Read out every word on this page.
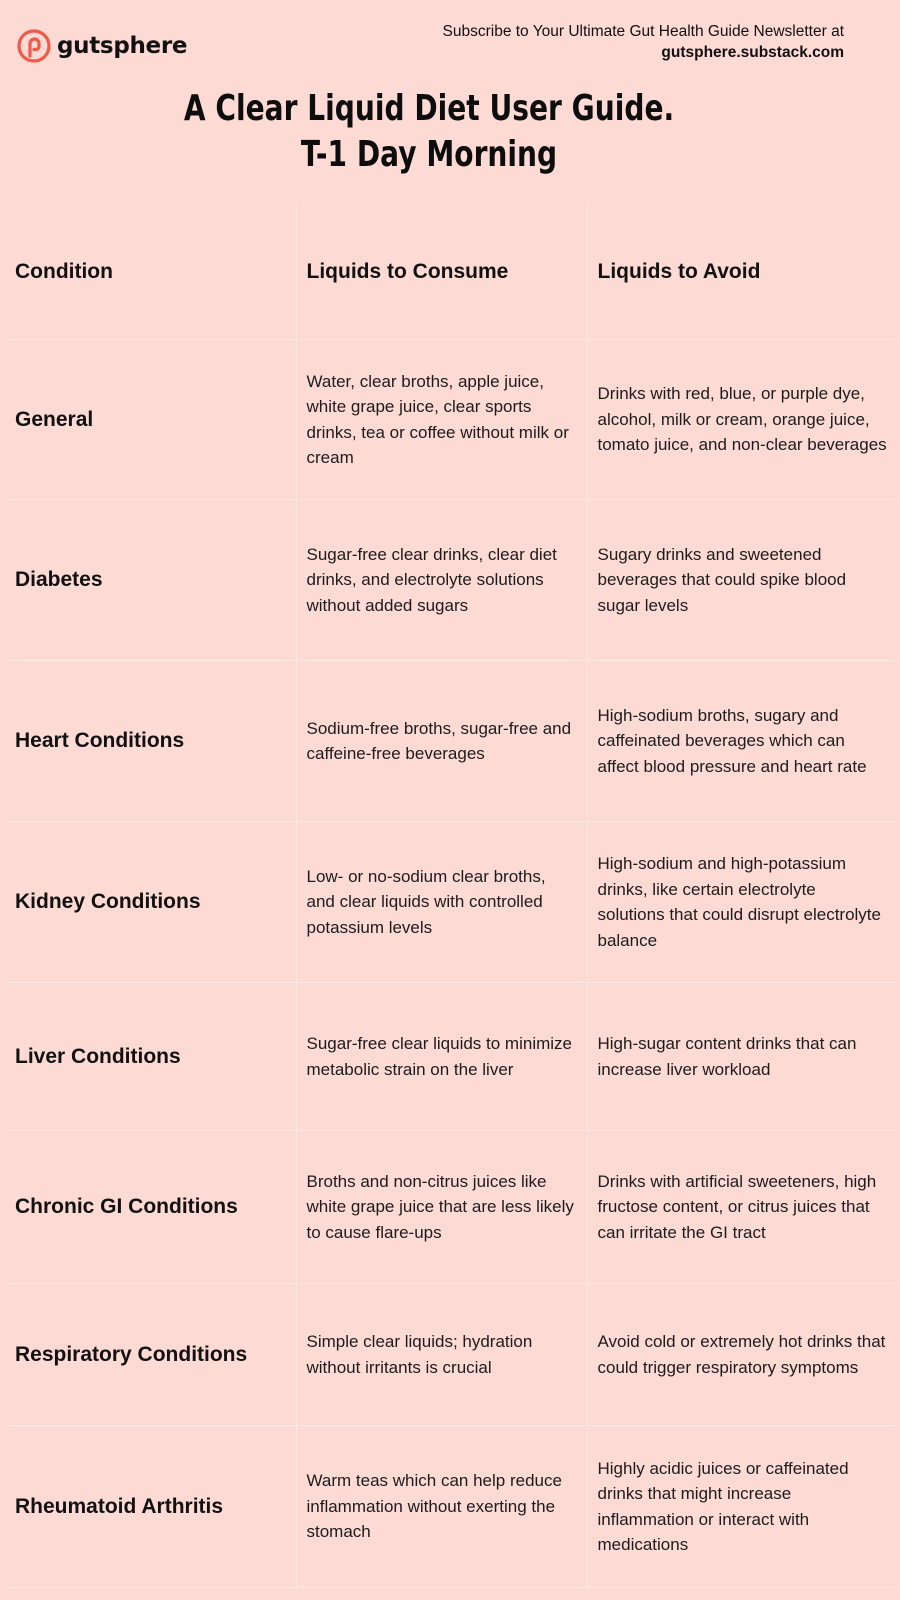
gutsphere
Subscribe to Your Ultimate Gut Health Guide Newsletter at
gutsphere.substack.com
A Clear Liquid Diet User Guide.
T-1 Day Morning
Condition	Liquids to Consume	Liquids to Avoid
General	Water, clear broths, apple juice, white grape juice, clear sports drinks, tea or coffee without milk or cream	Drinks with red, blue, or purple dye, alcohol, milk or cream, orange juice, tomato juice, and non-clear beverages
Diabetes	Sugar-free clear drinks, clear diet drinks, and electrolyte solutions without added sugars	Sugary drinks and sweetened beverages that could spike blood sugar levels
Heart Conditions	Sodium-free broths, sugar-free and caffeine-free beverages	High-sodium broths, sugary and caffeinated beverages which can affect blood pressure and heart rate
Kidney Conditions	Low- or no-sodium clear broths, and clear liquids with controlled potassium levels	High-sodium and high-potassium drinks, like certain electrolyte solutions that could disrupt electrolyte balance
Liver Conditions	Sugar-free clear liquids to minimize metabolic strain on the liver	High-sugar content drinks that can increase liver workload
Chronic GI Conditions	Broths and non-citrus juices like white grape juice that are less likely to cause flare-ups	Drinks with artificial sweeteners, high fructose content, or citrus juices that can irritate the GI tract
Respiratory Conditions	Simple clear liquids; hydration without irritants is crucial	Avoid cold or extremely hot drinks that could trigger respiratory symptoms
Rheumatoid Arthritis	Warm teas which can help reduce inflammation without exerting the stomach	Highly acidic juices or caffeinated drinks that might increase inflammation or interact with medications
